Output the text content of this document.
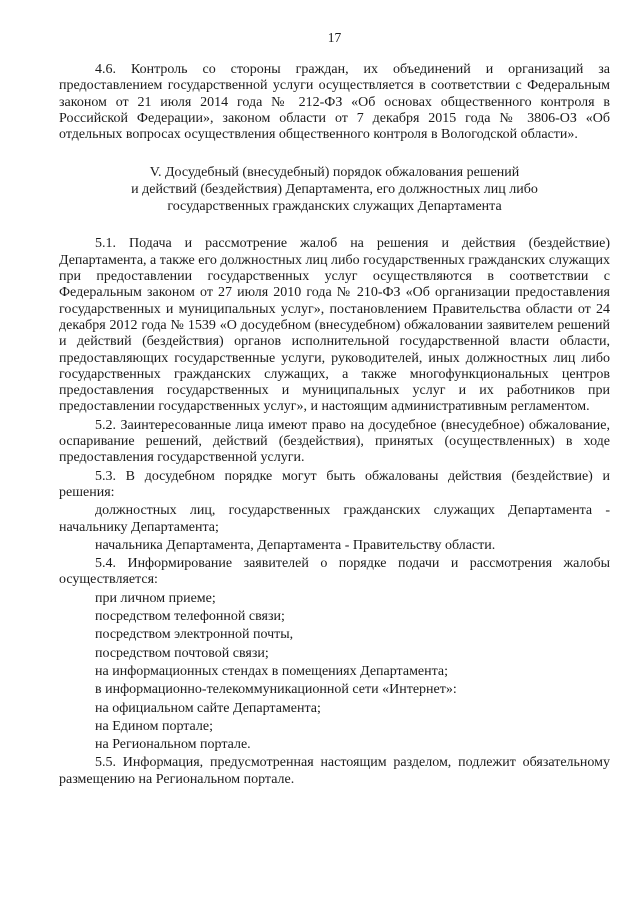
17

4.6. Контроль со стороны граждан, их объединений и организаций за предоставлением государственной услуги осуществляется в соответствии с Федеральным законом от 21 июля 2014 года № 212-ФЗ «Об основах общественного контроля в Российской Федерации», законом области от 7 декабря 2015 года № 3806-ОЗ «Об отдельных вопросах осуществления общественного контроля в Вологодской области».

V. Досудебный (внесудебный) порядок обжалования решений
и действий (бездействия) Департамента, его должностных лиц либо
государственных гражданских служащих Департамента

5.1. Подача и рассмотрение жалоб на решения и действия (бездействие) Департамента, а также его должностных лиц либо государственных гражданских служащих при предоставлении государственных услуг осуществляются в соответствии с Федеральным законом от 27 июля 2010 года № 210-ФЗ «Об организации предоставления государственных и муниципальных услуг», постановлением Правительства области от 24 декабря 2012 года № 1539 «О досудебном (внесудебном) обжаловании заявителем решений и действий (бездействия) органов исполнительной государственной власти области, предоставляющих государственные услуги, руководителей, иных должностных лиц либо государственных гражданских служащих, а также многофункциональных центров предоставления государственных и муниципальных услуг и их работников при предоставлении государственных услуг», и настоящим административным регламентом.

5.2. Заинтересованные лица имеют право на досудебное (внесудебное) обжалование, оспаривание решений, действий (бездействия), принятых (осуществленных) в ходе предоставления государственной услуги.

5.3. В досудебном порядке могут быть обжалованы действия (бездействие) и решения:

должностных лиц, государственных гражданских служащих Департамента - начальнику Департамента;

начальника Департамента, Департамента - Правительству области.

5.4. Информирование заявителей о порядке подачи и рассмотрения жалобы осуществляется:

при личном приеме;

посредством телефонной связи;

посредством электронной почты,

посредством почтовой связи;

на информационных стендах в помещениях Департамента;

в информационно-телекоммуникационной сети «Интернет»:

на официальном сайте Департамента;

на Едином портале;

на Региональном портале.

5.5. Информация, предусмотренная настоящим разделом, подлежит обязательному размещению на Региональном портале.
